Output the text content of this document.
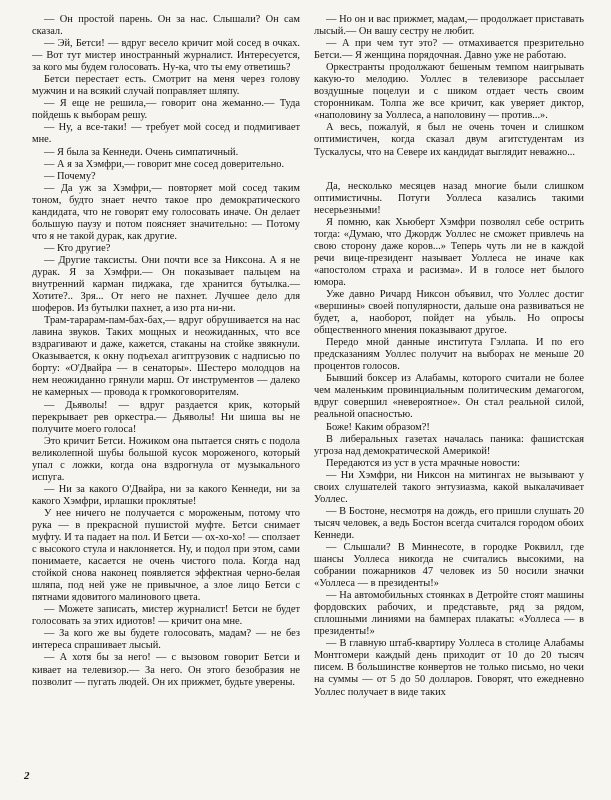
— Он простой парень. Он за нас. Слышали? Он сам сказал.

— Эй, Бетси! — вдруг весело кричит мой сосед в очках.— Вот тут мистер иностранный журналист. Интересуется, за кого мы будем голосовать. Ну-ка, что ты ему ответишь?

Бетси перестает есть. Смотрит на меня через голову мужчин и на всякий случай поправляет шляпу.

— Я еще не решила,— говорит она жеманно.— Туда пойдешь к выборам решу.

— Ну, а все-таки! — требует мой сосед и подмигивает мне.

— Я была за Кеннеди. Очень симпатичный.

— А я за Хэмфри,— говорит мне сосед доверительно.

— Почему?

— Да уж за Хэмфри,— повторяет мой сосед таким тоном, будто знает нечто такое про демократического кандидата, что не говорят ему голосовать иначе. Он делает большую паузу и потом поясняет значительно: — Потому что я не такой дурак, как другие.

— Кто другие?

— Другие таксисты. Они почти все за Никсона. А я не дурак. Я за Хэмфри.— Он показывает пальцем на внутренний карман пиджака, где хранится бутылка.— Хотите?.. Зря... От него не пахнет. Лучшее дело для шоферов. Из бутылки пахнет, а изо рта ни-ни.

Трам-тарарам-пам-бах-бах,— вдруг обрушивается на нас лавина звуков. Таких мощных и неожиданных, что все вздрагивают и даже, кажется, стаканы на стойке звякнули. Оказывается, к окну подъехал агитгрузовик с надписью по борту: «О'Двайра — в сенаторы». Шестеро молодцов на нем неожиданно грянули марш. От инструментов — далеко не камерных — провода к громкоговорителям.

— Дьяволы! — вдруг раздается крик, который перекрывает рев оркестра.— Дьяволы! Ни шиша вы не получите моего голоса!

Это кричит Бетси. Ножиком она пытается снять с подола великолепной шубы большой кусок мороженого, который упал с ложки, когда она вздрогнула от музыкального испуга.

— Ни за какого О'Двайра, ни за какого Кеннеди, ни за какого Хэмфри, ирлашки проклятые!

У нее ничего не получается с мороженым, потому что рука — в прекрасной пушистой муфте. Бетси снимает муфту. И та падает на пол. И Бетси — ох-хо-хо! — сползает с высокого стула и наклоняется. Ну, и подол при этом, сами понимаете, касается не очень чистого пола. Когда над стойкой снова наконец появляется эффектная черно-белая шляпа, под ней уже не привычное, а злое лицо Бетси с пятнами ядовитого малинового цвета.

— Можете записать, мистер журналист! Бетси не будет голосовать за этих идиотов! — кричит она мне.

— За кого же вы будете голосовать, мадам? — не без интереса спрашивает лысый.

— А хотя бы за него! — с вызовом говорит Бетси и кивает на телевизор.— За него. Он этого безобразия не позволит — пугать людей. Он их прижмет, будьте уверены.

— Но он и вас прижмет, мадам,— продолжает приставать лысый.— Он вашу сестру не любит.

— А при чем тут это? — отмахивается презрительно Бетси.— Я женщина порядочная. Давно уже не работаю.

Оркестранты продолжают бешеным темпом наигрывать какую-то мелодию. Уоллес в телевизоре рассылает воздушные поцелуи и с шиком отдает честь своим сторонникам. Толпа же все кричит, как уверяет диктор, «наполовину за Уоллеса, а наполовину — против...».

А весь, пожалуй, я был не очень точен и слишком оптимистичен, когда сказал двум агитстудентам из Тускалусы, что на Севере их кандидат выглядит неважно...

Да, несколько месяцев назад многие были слишком оптимистичны. Потуги Уоллеса казались такими несерьезными!

Я помню, как Хьюберт Хэмфри позволял себе острить тогда: «Думаю, что Джордж Уоллес не сможет привлечь на свою сторону даже коров...» Теперь чуть ли не в каждой речи вице-президент называет Уоллеса не иначе как «апостолом страха и расизма». И в голосе нет былого юмора.

Уже давно Ричард Никсон объявил, что Уоллес достиг «вершины» своей популярности, дальше она развиваться не будет, а, наоборот, пойдет на убыль. Но опросы общественного мнения показывают другое.

Передо мной данные института Гэллапа. И по его предсказаниям Уоллес получит на выборах не меньше 20 процентов голосов.

Бывший боксер из Алабамы, которого считали не более чем маленьким провинциальным политическим демагогом, вдруг совершил «невероятное». Он стал реальной силой, реальной опасностью.

Боже! Каким образом?!

В либеральных газетах началась паника: фашистская угроза над демократической Америкой!

Передаются из уст в уста мрачные новости:

— Ни Хэмфри, ни Никсон на митингах не вызывают у своих слушателей такого энтузиазма, какой выкалачивает Уоллес.

— В Бостоне, несмотря на дождь, его пришли слушать 20 тысяч человек, а ведь Бостон всегда считался городом обоих Кеннеди.

— Слышали? В Миннесоте, в городке Роквилл, где шансы Уоллеса никогда не считались высокими, на собрании пожарников 47 человек из 50 носили значки «Уоллеса — в президенты!»

— На автомобильных стоянках в Детройте стоят машины фордовских рабочих, и представьте, ряд за рядом, сплошными линиями на бамперах плакаты: «Уоллеса — в президенты!»

— В главную штаб-квартиру Уоллеса в столице Алабамы Монтгомери каждый день приходит от 10 до 20 тысяч писем. В большинстве конвертов не только письмо, но чеки на суммы — от 5 до 50 долларов. Говорят, что ежедневно Уоллес получает в виде таких

2
